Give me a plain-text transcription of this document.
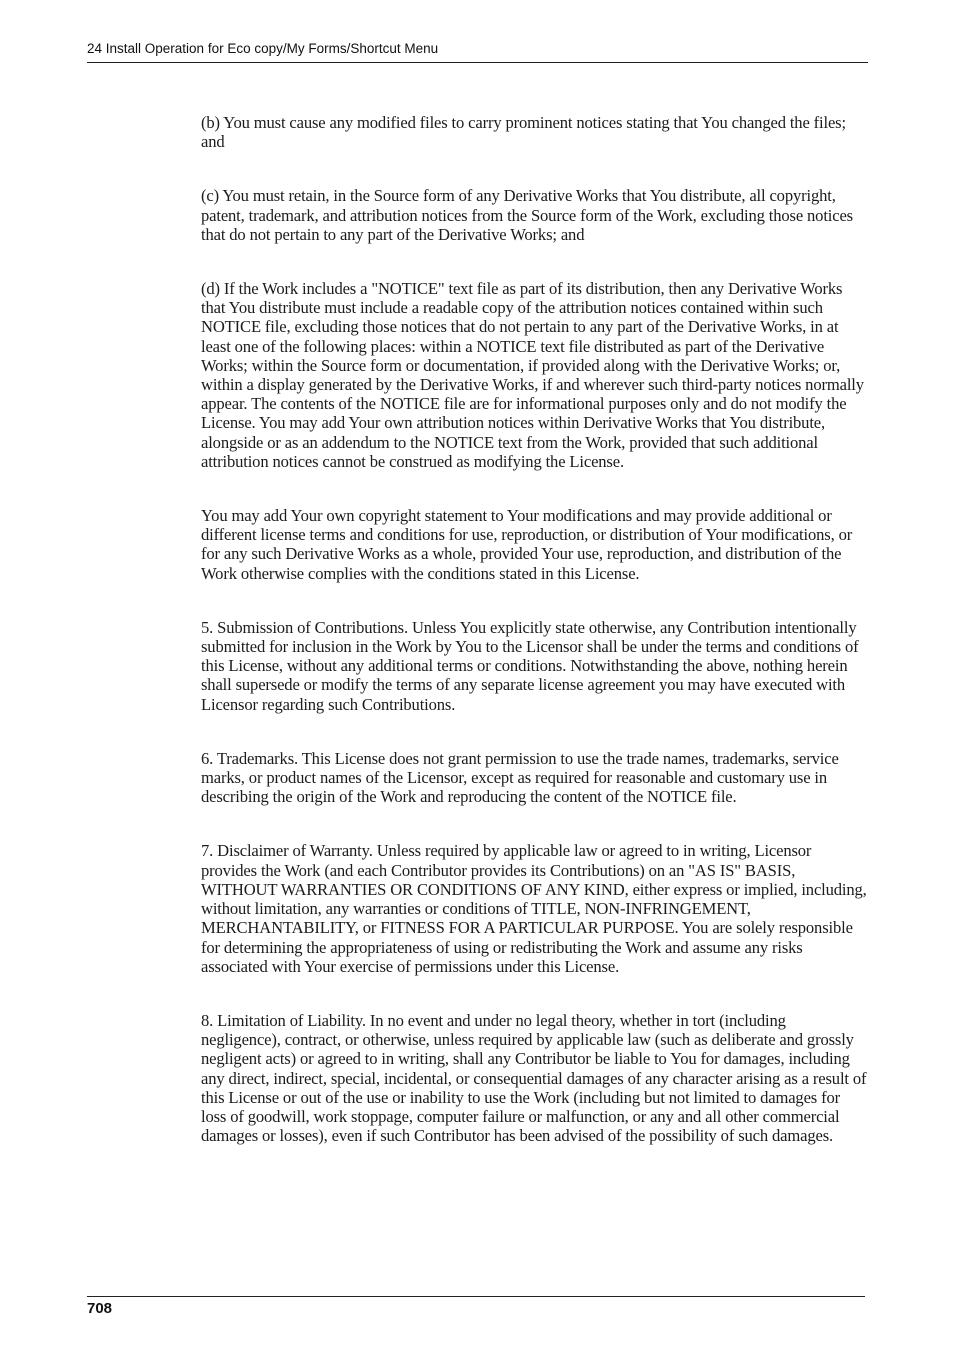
24 Install Operation for Eco copy/My Forms/Shortcut Menu

(b) You must cause any modified files to carry prominent notices stating that You changed the files; and

(c) You must retain, in the Source form of any Derivative Works that You distribute, all copyright, patent, trademark, and attribution notices from the Source form of the Work, excluding those notices that do not pertain to any part of the Derivative Works; and

(d) If the Work includes a "NOTICE" text file as part of its distribution, then any Derivative Works that You distribute must include a readable copy of the attribution notices contained within such NOTICE file, excluding those notices that do not pertain to any part of the Derivative Works, in at least one of the following places: within a NOTICE text file distributed as part of the Derivative Works; within the Source form or documentation, if provided along with the Derivative Works; or, within a display generated by the Derivative Works, if and wherever such third-party notices normally appear. The contents of the NOTICE file are for informational purposes only and do not modify the License. You may add Your own attribution notices within Derivative Works that You distribute, alongside or as an addendum to the NOTICE text from the Work, provided that such additional attribution notices cannot be construed as modifying the License.

You may add Your own copyright statement to Your modifications and may provide additional or different license terms and conditions for use, reproduction, or distribution of Your modifications, or for any such Derivative Works as a whole, provided Your use, reproduction, and distribution of the Work otherwise complies with the conditions stated in this License.

5. Submission of Contributions. Unless You explicitly state otherwise, any Contribution intentionally submitted for inclusion in the Work by You to the Licensor shall be under the terms and conditions of this License, without any additional terms or conditions. Notwithstanding the above, nothing herein shall supersede or modify the terms of any separate license agreement you may have executed with Licensor regarding such Contributions.

6. Trademarks. This License does not grant permission to use the trade names, trademarks, service marks, or product names of the Licensor, except as required for reasonable and customary use in describing the origin of the Work and reproducing the content of the NOTICE file.

7. Disclaimer of Warranty. Unless required by applicable law or agreed to in writing, Licensor provides the Work (and each Contributor provides its Contributions) on an "AS IS" BASIS, WITHOUT WARRANTIES OR CONDITIONS OF ANY KIND, either express or implied, including, without limitation, any warranties or conditions of TITLE, NON-INFRINGEMENT, MERCHANTABILITY, or FITNESS FOR A PARTICULAR PURPOSE. You are solely responsible for determining the appropriateness of using or redistributing the Work and assume any risks associated with Your exercise of permissions under this License.

8. Limitation of Liability. In no event and under no legal theory, whether in tort (including negligence), contract, or otherwise, unless required by applicable law (such as deliberate and grossly negligent acts) or agreed to in writing, shall any Contributor be liable to You for damages, including any direct, indirect, special, incidental, or consequential damages of any character arising as a result of this License or out of the use or inability to use the Work (including but not limited to damages for loss of goodwill, work stoppage, computer failure or malfunction, or any and all other commercial damages or losses), even if such Contributor has been advised of the possibility of such damages.

708
